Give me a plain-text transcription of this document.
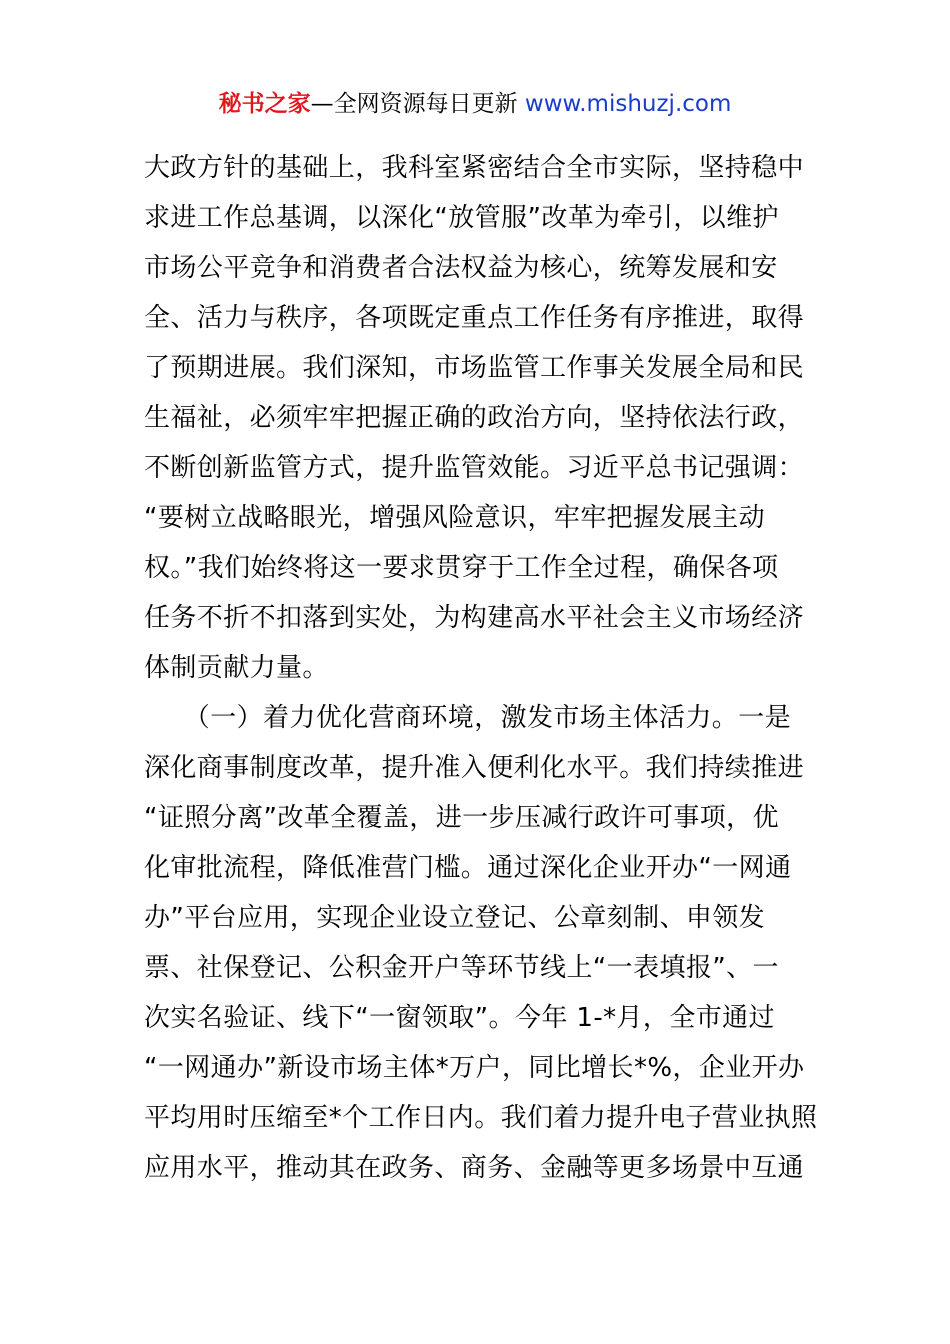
秘书之家—全网资源每日更新 www.mishuzj.com
大政方针的基础上，我科室紧密结合全市实际，坚持稳中
求进工作总基调，以深化“放管服”改革为牵引，以维护
市场公平竞争和消费者合法权益为核心，统筹发展和安
全、活力与秩序，各项既定重点工作任务有序推进，取得
了预期进展。我们深知，市场监管工作事关发展全局和民
生福祉，必须牢牢把握正确的政治方向，坚持依法行政，
不断创新监管方式，提升监管效能。习近平总书记强调：
“要树立战略眼光，增强风险意识，牢牢把握发展主动
权。”我们始终将这一要求贯穿于工作全过程，确保各项
任务不折不扣落到实处，为构建高水平社会主义市场经济
体制贡献力量。
　　（一）着力优化营商环境，激发市场主体活力。一是
深化商事制度改革，提升准入便利化水平。我们持续推进
“证照分离”改革全覆盖，进一步压减行政许可事项，优
化审批流程，降低准营门槛。通过深化企业开办“一网通
办”平台应用，实现企业设立登记、公章刻制、申领发
票、社保登记、公积金开户等环节线上“一表填报”、一
次实名验证、线下“一窗领取”。今年 1-*月，全市通过
“一网通办”新设市场主体*万户，同比增长*%，企业开办
平均用时压缩至*个工作日内。我们着力提升电子营业执照
应用水平，推动其在政务、商务、金融等更多场景中互通
